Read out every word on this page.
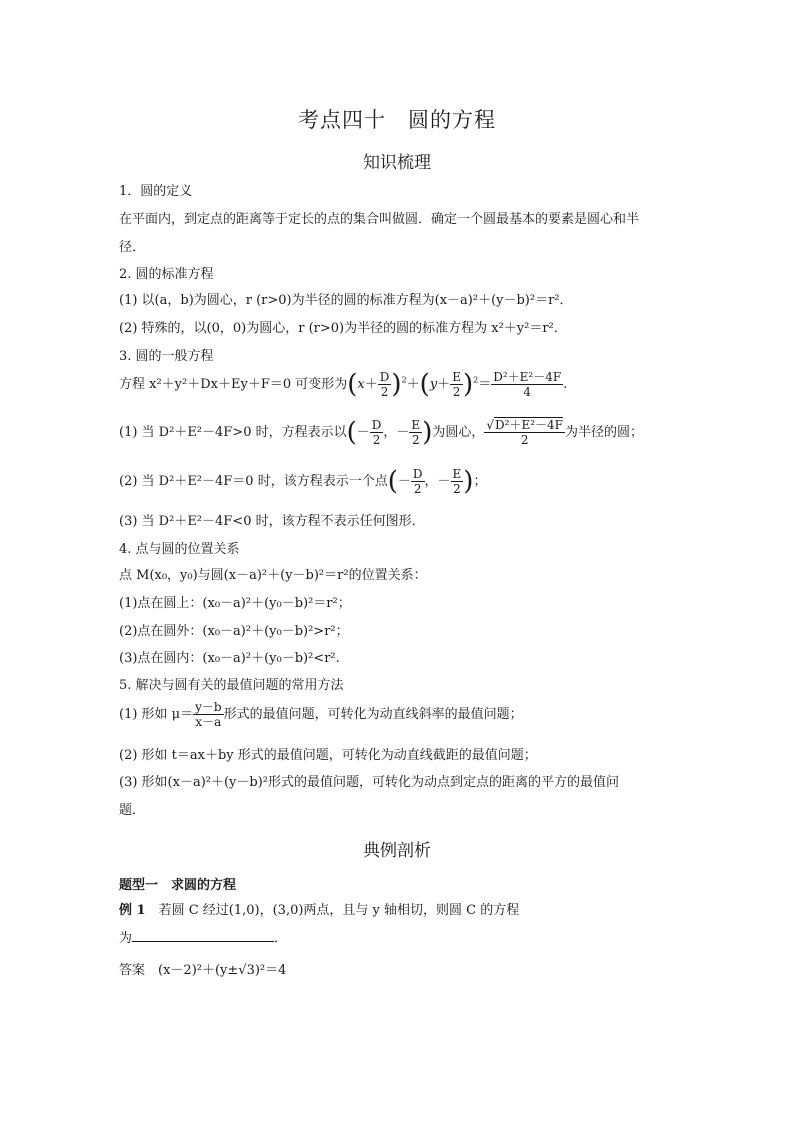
考点四十　圆的方程
知识梳理
1．圆的定义
在平面内，到定点的距离等于定长的点的集合叫做圆．确定一个圆最基本的要素是圆心和半
径．
2. 圆的标准方程
(1) 以(a，b)为圆心，r (r>0)为半径的圆的标准方程为(x－a)²＋(y－b)²＝r²．
(2) 特殊的，以(0，0)为圆心，r (r>0)为半径的圆的标准方程为 x²＋y²＝r²．
3. 圆的一般方程
方程 x²＋y²＋Dx＋Ey＋F＝0 可变形为$(x+ \frac{D}{2} )^2+(y+ \frac{E}{2} )^2= \frac{\text{D²＋E²－4F}}{4}$ .
(1) 当 D²＋E²－4F>0 时，方程表示以(－ $\frac{D}{2}$ ，－ $\frac{E}{2}$ )为圆心， $\frac{\text{√D²＋E²－4F}}{2}$ 为半径的圆；
(2) 当 D²＋E²－4F＝0 时，该方程表示一个点(－ $\frac{D}{2}$ ，－ $\frac{E}{2}$ )；
(3) 当 D²＋E²－4F<0 时，该方程不表示任何图形．
4. 点与圆的位置关系
点 M(x₀，y₀)与圆(x－a)²＋(y－b)²＝r²的位置关系：
(1)点在圆上：(x₀－a)²＋(y₀－b)²＝r²；
(2)点在圆外：(x₀－a)²＋(y₀－b)²>r²；
(3)点在圆内：(x₀－a)²＋(y₀－b)²<r².
5. 解决与圆有关的最值问题的常用方法
(1) 形如 $\mu= \frac{y-b}{x-a}$ 形式的最值问题，可转化为动直线斜率的最值问题；
(2) 形如 t＝ax＋by 形式的最值问题，可转化为动直线截距的最值问题；
(3) 形如(x－a)²＋(y－b)²形式的最值问题，可转化为动点到定点的距离的平方的最值问
题．
典例剖析
题型一　求圆的方程
例 1　若圆 C 经过(1,0)，(3,0)两点，且与 y 轴相切，则圆 C 的方程
为	．
答案　 (x－2)²＋(y±√3)²＝4
